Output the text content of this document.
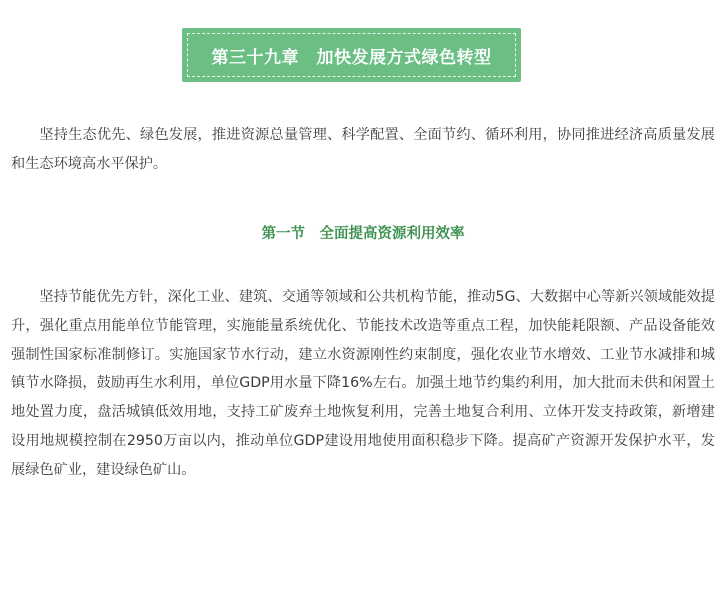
第三十九章　加快发展方式绿色转型

坚持生态优先、绿色发展，推进资源总量管理、科学配置、全面节约、循环利用，协同推进经济高质量发展和生态环境高水平保护。

第一节　全面提高资源利用效率

坚持节能优先方针，深化工业、建筑、交通等领域和公共机构节能，推动5G、大数据中心等新兴领域能效提升，强化重点用能单位节能管理，实施能量系统优化、节能技术改造等重点工程，加快能耗限额、产品设备能效强制性国家标准制修订。实施国家节水行动，建立水资源刚性约束制度，强化农业节水增效、工业节水减排和城镇节水降损，鼓励再生水利用，单位GDP用水量下降16%左右。加强土地节约集约利用，加大批而未供和闲置土地处置力度，盘活城镇低效用地，支持工矿废弃土地恢复利用，完善土地复合利用、立体开发支持政策，新增建设用地规模控制在2950万亩以内，推动单位GDP建设用地使用面积稳步下降。提高矿产资源开发保护水平，发展绿色矿业，建设绿色矿山。
